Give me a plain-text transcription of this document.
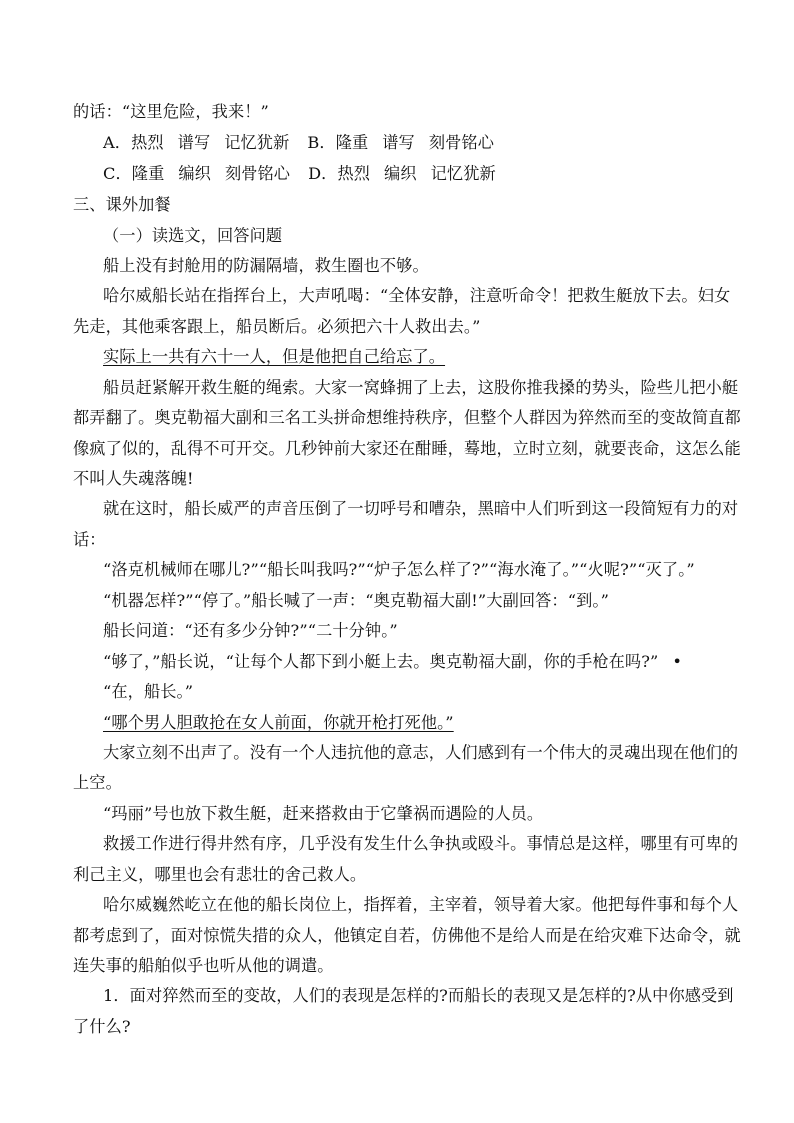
的话：“这里危险，我来！”
A．热烈 谱写 记忆犹新 B．隆重 谱写 刻骨铭心
C．隆重 编织 刻骨铭心 D．热烈 编织 记忆犹新
三、课外加餐
（一）读选文，回答问题
船上没有封舱用的防漏隔墙，救生圈也不够。
哈尔威船长站在指挥台上，大声吼喝：“全体安静，注意听命令！把救生艇放下去。妇女
先走，其他乘客跟上，船员断后。必须把六十人救出去。”
实际上一共有六十一人，但是他把自己给忘了。
船员赶紧解开救生艇的绳索。大家一窝蜂拥了上去，这股你推我搡的势头，险些儿把小艇
都弄翻了。奥克勒福大副和三名工头拼命想维持秩序，但整个人群因为猝然而至的变故简直都
像疯了似的，乱得不可开交。几秒钟前大家还在酣睡，蓦地，立时立刻，就要丧命，这怎么能
不叫人失魂落魄!
就在这时，船长威严的声音压倒了一切呼号和嘈杂，黑暗中人们听到这一段简短有力的对
话：
“洛克机械师在哪儿?”“船长叫我吗?”“炉子怎么样了?”“海水淹了。”“火呢?”“灭了。”
“机器怎样?”“停了。”船长喊了一声：“奥克勒福大副!”大副回答：“到。”
船长问道：“还有多少分钟?”“二十分钟。”
“够了，”船长说，“让每个人都下到小艇上去。奥克勒福大副，你的手枪在吗?” •
“在，船长。”
“哪个男人胆敢抢在女人前面，你就开枪打死他。”
大家立刻不出声了。没有一个人违抗他的意志，人们感到有一个伟大的灵魂出现在他们的
上空。
“玛丽”号也放下救生艇，赶来搭救由于它肇祸而遇险的人员。
救援工作进行得井然有序，几乎没有发生什么争执或殴斗。事情总是这样，哪里有可卑的
利己主义，哪里也会有悲壮的舍己救人。
哈尔威巍然屹立在他的船长岗位上，指挥着，主宰着，领导着大家。他把每件事和每个人
都考虑到了，面对惊慌失措的众人，他镇定自若，仿佛他不是给人而是在给灾难下达命令，就
连失事的船舶似乎也听从他的调遣。
1．面对猝然而至的变故，人们的表现是怎样的?而船长的表现又是怎样的?从中你感受到
了什么?
